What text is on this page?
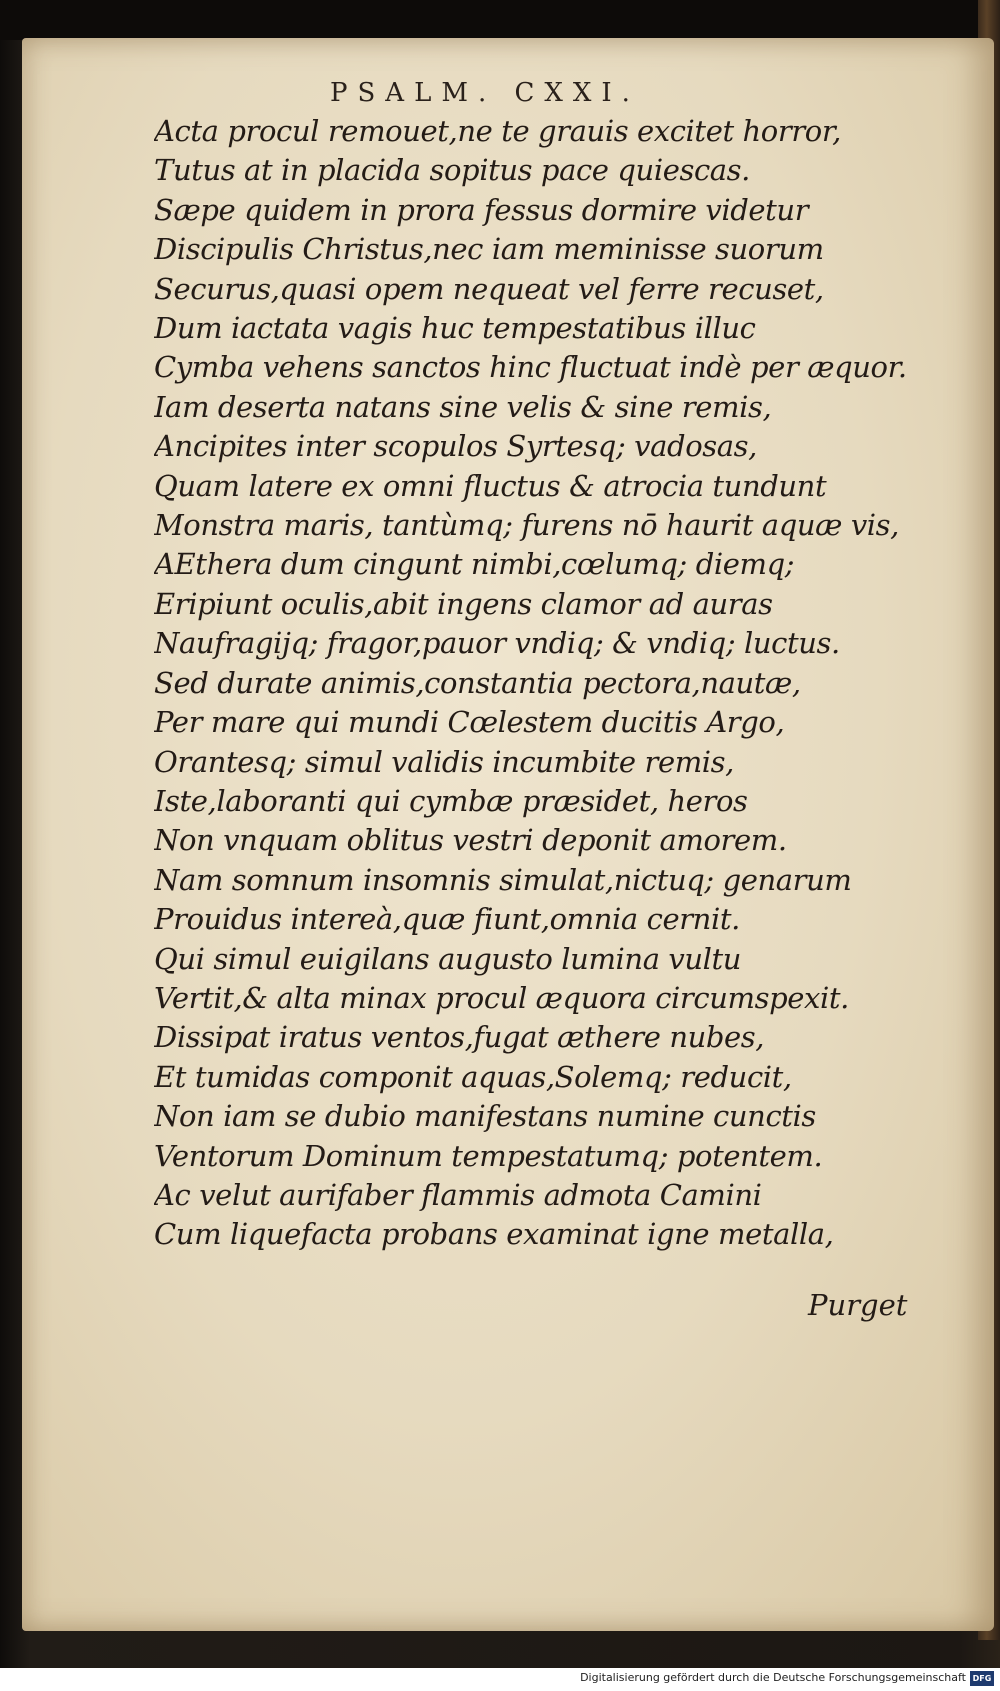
PSALM. CXXI.
Acta procul remouet,ne te grauis excitet horror,
Tutus at in placida sopitus pace quiescas.
Sæpe quidem in prora fessus dormire videtur
Discipulis Christus,nec iam meminisse suorum
Securus,quasi opem nequeat vel ferre recuset,
Dum iactata vagis huc tempestatibus illuc
Cymba vehens sanctos hinc fluctuat indè per æquor.
Iam deserta natans sine velis & sine remis,
Ancipites inter scopulos Syrtesq; vadosas,
Quam latere ex omni fluctus & atrocia tundunt
Monstra maris, tantùmq; furens nō haurit aquæ vis,
AEthera dum cingunt nimbi,cœlumq; diemq;
Eripiunt oculis,abit ingens clamor ad auras
Naufragijq; fragor,pauor vndiq; & vndiq; luctus.
Sed durate animis,constantia pectora,nautæ,
Per mare qui mundi Cœlestem ducitis Argo,
Orantesq; simul validis incumbite remis,
Iste,laboranti qui cymbæ præsidet, heros
Non vnquam oblitus vestri deponit amorem.
Nam somnum insomnis simulat,nictuq; genarum
Prouidus intereà,quæ fiunt,omnia cernit.
Qui simul euigilans augusto lumina vultu
Vertit,& alta minax procul æquora circumspexit.
Dissipat iratus ventos,fugat æthere nubes,
Et tumidas componit aquas,Solemq; reducit,
Non iam se dubio manifestans numine cunctis
Ventorum Dominum tempestatumq; potentem.
Ac velut aurifaber flammis admota Camini
Cum liquefacta probans examinat igne metalla,
Purget
Digitalisierung gefördert durch die Deutsche Forschungsgemeinschaft DFG
